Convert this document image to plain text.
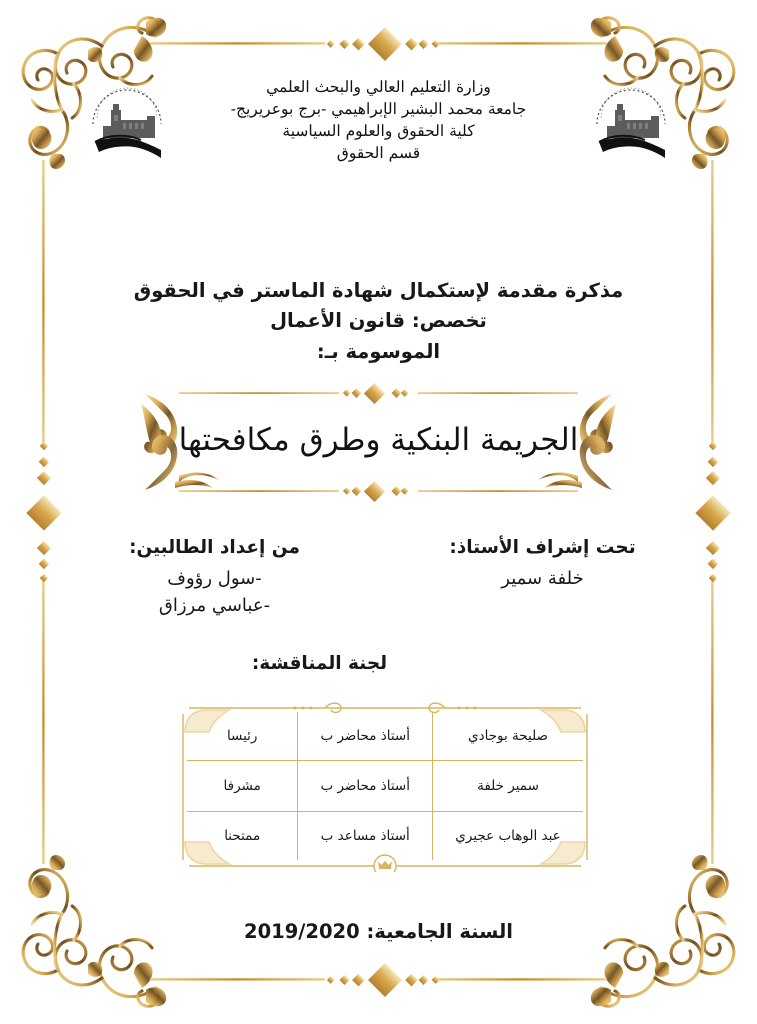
وزارة التعليم العالي والبحث العلمي
جامعة محمد البشير الإبراهيمي -برج بوعريريج-
كلية الحقوق والعلوم السياسية
قسم الحقوق
مذكرة مقدمة لإستكمال شهادة الماستر في الحقوق
تخصص: قانون الأعمال
الموسومة بـ:
الجريمة البنكية وطرق مكافحتها
تحت إشراف الأستاذ:
خلفة سمير
من إعداد الطالبين:
-سول رؤوف
-عباسي مرزاق
لجنة المناقشة:
صليحة بوجادي	أستاذ محاضر ب	رئيسا
سمير خلفة	أستاذ محاضر ب	مشرفا
عبد الوهاب عجيري	أستاذ مساعد ب	ممتحنا
السنة الجامعية: 2019/2020
